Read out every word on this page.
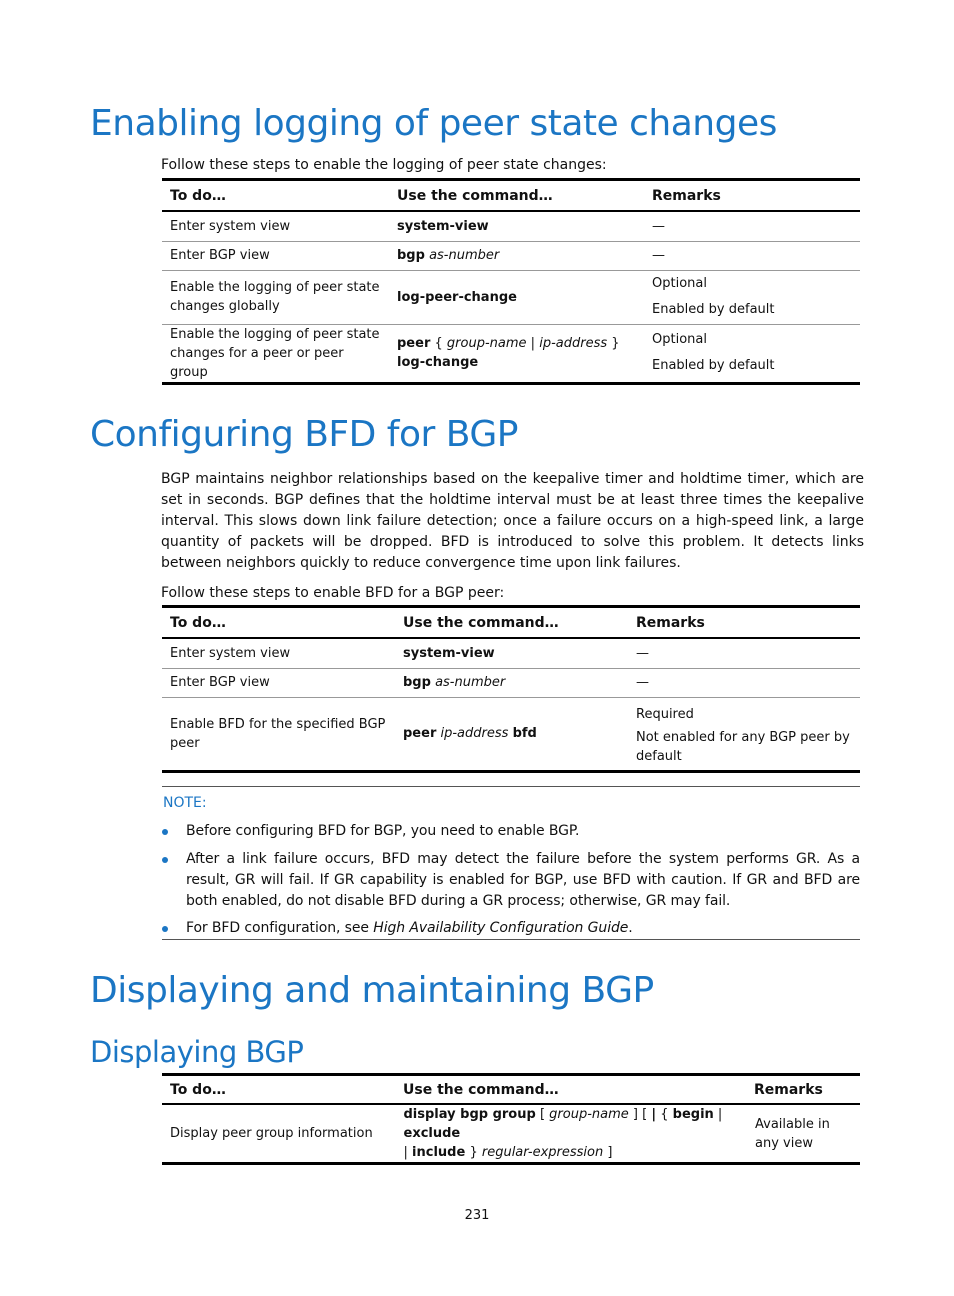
Enabling logging of peer state changes

Follow these steps to enable the logging of peer state changes:

To do…	Use the command…	Remarks
Enter system view	system-view	—
Enter BGP view	bgp as-number	—
Enable the logging of peer state changes globally	log-peer-change	Optional
Enabled by default

Enable the logging of peer state changes for a peer or peer group	peer { group-name | ip-address }
log-change	Optional
Enabled by default
Configuring BFD for BGP

BGP maintains neighbor relationships based on the keepalive timer and holdtime timer, which are set in seconds. BGP defines that the holdtime interval must be at least three times the keepalive interval. This slows down link failure detection; once a failure occurs on a high-speed link, a large quantity of packets will be dropped. BFD is introduced to solve this problem. It detects links between neighbors quickly to reduce convergence time upon link failures.

Follow these steps to enable BFD for a BGP peer:

To do…	Use the command…	Remarks
Enter system view	system-view	—
Enter BGP view	bgp as-number	—
Enable BFD for the specified BGP peer	peer ip-address bfd	Required
Not enabled for any BGP peer by default
NOTE:
Before configuring BFD for BGP, you need to enable BGP.
After a link failure occurs, BFD may detect the failure before the system performs GR. As a result, GR will fail. If GR capability is enabled for BGP, use BFD with caution. If GR and BFD are both enabled, do not disable BFD during a GR process; otherwise, GR may fail.
For BFD configuration, see High Availability Configuration Guide.
Displaying and maintaining BGP
Displaying BGP
To do…	Use the command…	Remarks
Display peer group information	display bgp group [ group-name ] [ | { begin | exclude
| include } regular-expression ]	Available in any view
231
